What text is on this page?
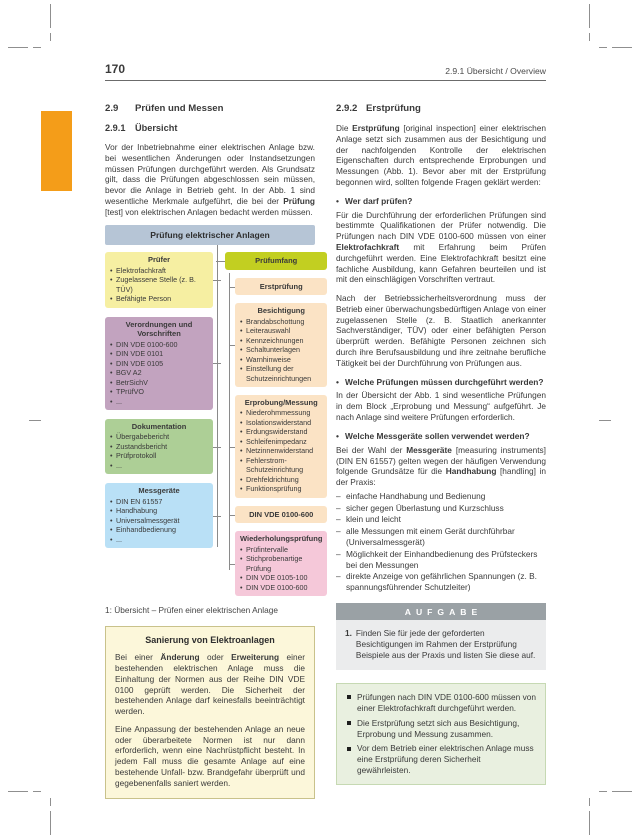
170	2.9.1 Übersicht / Overview
2.9	Prüfen und Messen
2.9.1	Übersicht

Vor der Inbetriebnahme einer elektrischen Anlage bzw. bei wesentlichen Änderungen oder Instandsetzungen müssen Prüfungen durchgeführt werden. Als Grundsatz gilt, dass die Prüfungen abgeschlossen sein müssen, bevor die Anlage in Betrieb geht. In der Abb. 1 sind wesentliche Merkmale aufgeführt, die bei der Prüfung [test] von elektrischen Anlagen bedacht werden müssen.

Prüfung elektrischer Anlagen
Prüfer
• Elektrofachkraft
• Zugelassene Stelle (z. B. TÜV)
• Befähigte Person
Verordnungen und Vorschriften
• DIN VDE 0100-600
• DIN VDE 0101
• DIN VDE 0105
• BGV A2
• BetrSichV
• TPrüfVO
• ...
Dokumentation
• Übergabebericht
• Zustandsbericht
• Prüfprotokoll
• ...
Messgeräte
• DIN EN 61557
• Handhabung
• Universalmessgerät
• Einhandbedienung
• ...
Prüfumfang
Erstprüfung
Besichtigung
• Brandabschottung
• Leiterauswahl
• Kennzeichnungen
• Schaltunterlagen
• Warnhinweise
• Einstellung der Schutzeinrichtungen
Erprobung/Messung
• Niederohmmessung
• Isolationswiderstand
• Erdungswiderstand
• Schleifenimpedanz
• Netzinnenwiderstand
• Fehlerstrom-Schutzeinrichtung
• Drehfeldrichtung
• Funktionsprüfung
DIN VDE 0100-600
Wiederholungsprüfung
• Prüfintervalle
• Stichprobenartige Prüfung
• DIN VDE 0105-100
• DIN VDE 0100-600
1: Übersicht – Prüfen einer elektrischen Anlage
Sanierung von Elektroanlagen

Bei einer Änderung oder Erweiterung einer bestehenden elektrischen Anlage muss die Einhaltung der Normen aus der Reihe DIN VDE 0100 geprüft werden. Die Sicherheit der bestehenden Anlage darf keinesfalls beeinträchtigt werden.

Eine Anpassung der bestehenden Anlage an neue oder überarbeitete Normen ist nur dann erforderlich, wenn eine Nachrüstpflicht besteht. In jedem Fall muss die gesamte Anlage auf eine bestehende Unfall- bzw. Brandgefahr überprüft und gegebenenfalls saniert werden.

2.9.2 Erstprüfung

Die Erstprüfung [original inspection] einer elektrischen Anlage setzt sich zusammen aus der Besichtigung und der nachfolgenden Kontrolle der elektrischen Eigenschaften durch entsprechende Erprobungen und Messungen (Abb. 1). Bevor aber mit der Erstprüfung begonnen wird, sollten folgende Fragen geklärt werden:

• Wer darf prüfen?

Für die Durchführung der erforderlichen Prüfungen sind bestimmte Qualifikationen der Prüfer notwendig. Die Prüfungen nach DIN VDE 0100-600 müssen von einer Elektrofachkraft mit Erfahrung beim Prüfen durchgeführt werden. Eine Elektrofachkraft besitzt eine fachliche Ausbildung, kann Gefahren beurteilen und ist mit den einschlägigen Vorschriften vertraut.

Nach der Betriebssicherheitsverordnung muss der Betrieb einer überwachungsbedürftigen Anlage von einer zugelassenen Stelle (z. B. Staatlich anerkannter Sachverständiger, TÜV) oder einer befähigten Person überprüft werden. Befähigte Personen zeichnen sich durch ihre Berufsausbildung und ihre zeitnahe berufliche Tätigkeit bei der Durchführung von Prüfungen aus.

• Welche Prüfungen müssen durchgeführt werden?

In der Übersicht der Abb. 1 sind wesentliche Prüfungen in dem Block „Erprobung und Messung“ aufgeführt. Je nach Anlage sind weitere Prüfungen erforderlich.

• Welche Messgeräte sollen verwendet werden?

Bei der Wahl der Messgeräte [measuring instruments] (DIN EN 61557) gelten wegen der häufigen Verwendung folgende Grundsätze für die Handhabung [handling] in der Praxis:

– einfache Handhabung und Bedienung
– sicher gegen Überlastung und Kurzschluss
– klein und leicht
– alle Messungen mit einem Gerät durchführbar (Universalmessgerät)
– Möglichkeit der Einhandbedienung des Prüfsteckers bei den Messungen
– direkte Anzeige von gefährlichen Spannungen (z. B. spannungsführender Schutzleiter)
AUFGABE
1. Finden Sie für jede der geforderten Besichtigungen im Rahmen der Erstprüfung Beispiele aus der Praxis und listen Sie diese auf.
Prüfungen nach DIN VDE 0100-600 müssen von einer Elektrofachkraft durchgeführt werden.
Die Erstprüfung setzt sich aus Besichtigung, Erprobung und Messung zusammen.
Vor dem Betrieb einer elektrischen Anlage muss eine Erstprüfung deren Sicherheit gewährleisten.
